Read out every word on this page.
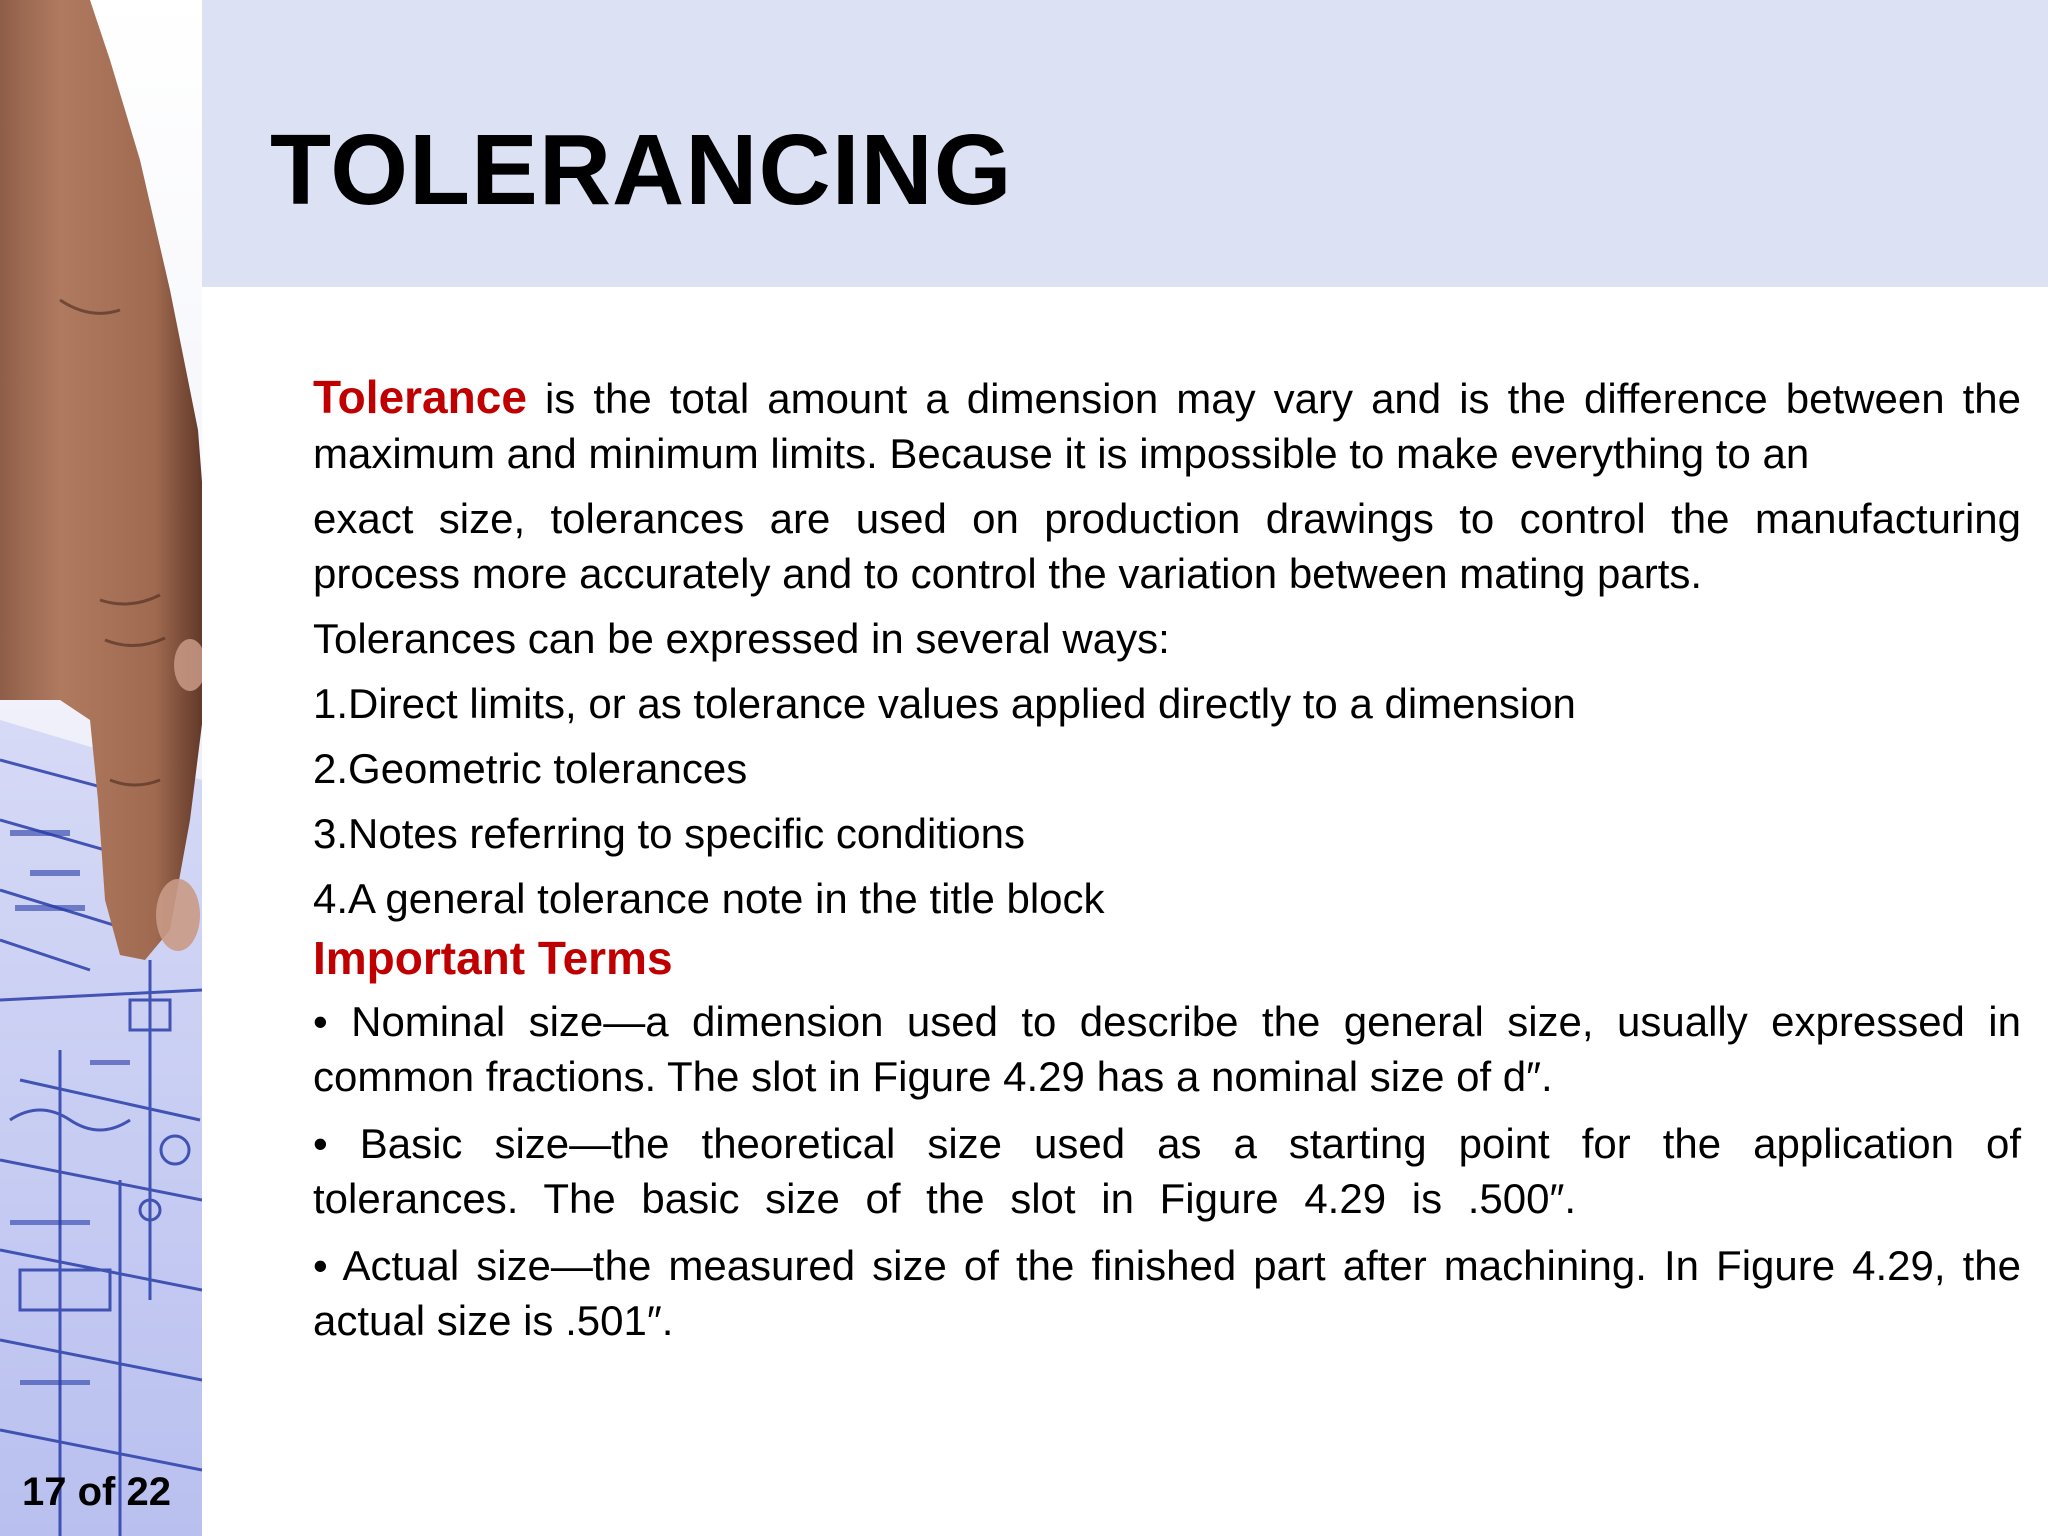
TOLERANCING

Tolerance is the total amount a dimension may vary and is the difference between the maximum and minimum limits. Because it is impossible to make everything to an
exact size, tolerances are used on production drawings to control the manufacturing process more accurately and to control the variation between mating parts.

Tolerances can be expressed in several ways:

1.Direct limits, or as tolerance values applied directly to a dimension

2.Geometric tolerances

3.Notes referring to specific conditions

4.A general tolerance note in the title block

Important Terms

• Nominal size—a dimension used to describe the general size, usually expressed in common fractions. The slot in Figure 4.29 has a nominal size of d″.

• Basic size—the theoretical size used as a starting point for the application of tolerances. The basic size of the slot in Figure 4.29 is .500″.

• Actual size—the measured size of the finished part after machining. In Figure 4.29, the actual size is .501″.

17 of 22
